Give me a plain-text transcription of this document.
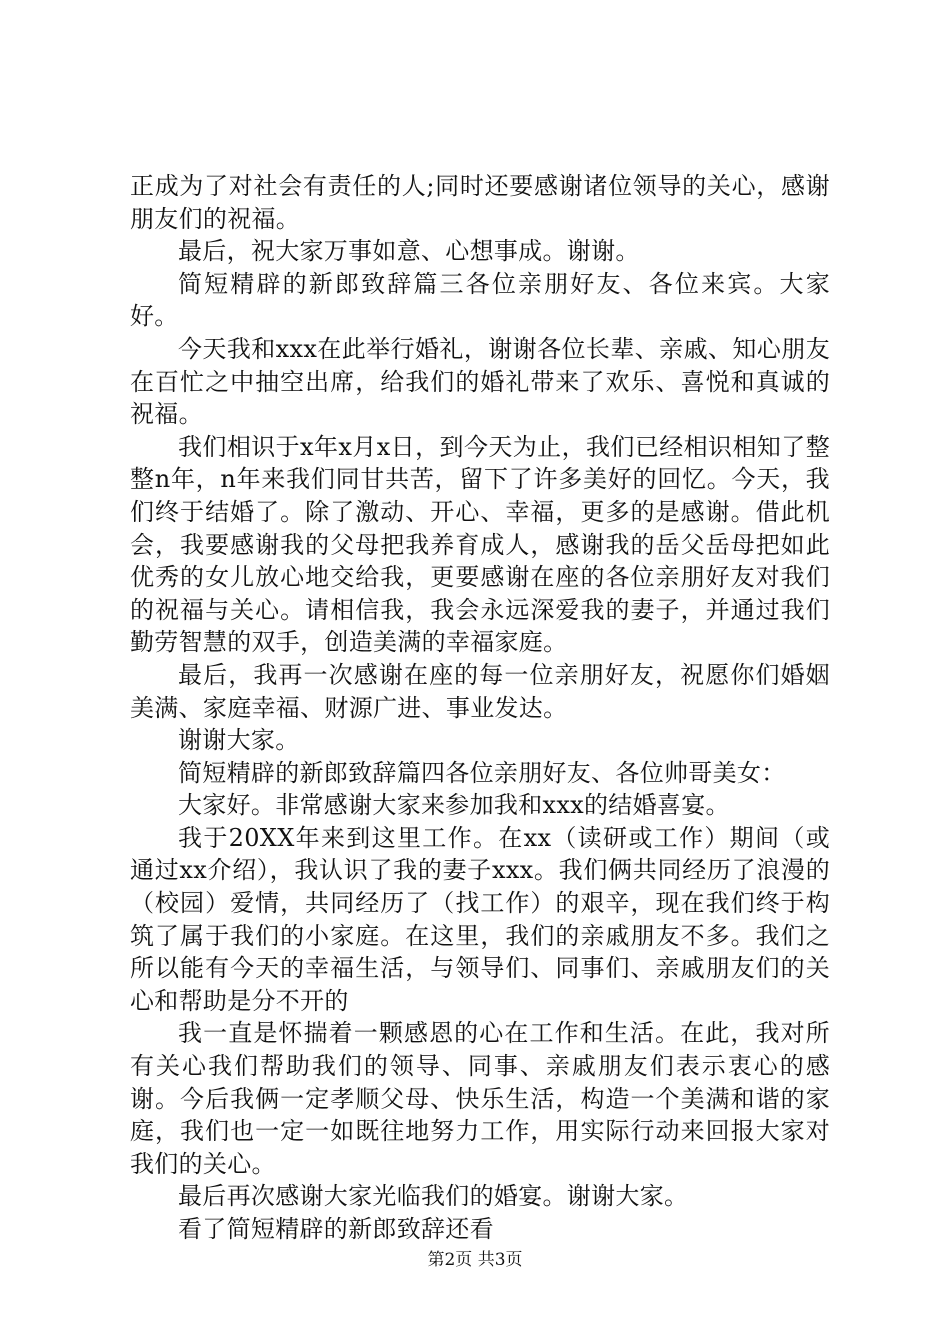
正成为了对社会有责任的人;同时还要感谢诸位领导的关心，感谢朋友们的祝福。

最后，祝大家万事如意、心想事成。谢谢。

简短精辟的新郎致辞篇三各位亲朋好友、各位来宾。大家好。

今天我和xxx在此举行婚礼，谢谢各位长辈、亲戚、知心朋友在百忙之中抽空出席，给我们的婚礼带来了欢乐、喜悦和真诚的祝福。

我们相识于x年x月x日，到今天为止，我们已经相识相知了整整n年，n年来我们同甘共苦，留下了许多美好的回忆。今天，我们终于结婚了。除了激动、开心、幸福，更多的是感谢。借此机会，我要感谢我的父母把我养育成人，感谢我的岳父岳母把如此优秀的女儿放心地交给我，更要感谢在座的各位亲朋好友对我们的祝福与关心。请相信我，我会永远深爱我的妻子，并通过我们勤劳智慧的双手，创造美满的幸福家庭。

最后，我再一次感谢在座的每一位亲朋好友，祝愿你们婚姻美满、家庭幸福、财源广进、事业发达。

谢谢大家。

简短精辟的新郎致辞篇四各位亲朋好友、各位帅哥美女：

大家好。非常感谢大家来参加我和xxx的结婚喜宴。

我于20XX年来到这里工作。在xx（读研或工作）期间（或通过xx介绍），我认识了我的妻子xxx。我们俩共同经历了浪漫的（校园）爱情，共同经历了（找工作）的艰辛，现在我们终于构筑了属于我们的小家庭。在这里，我们的亲戚朋友不多。我们之所以能有今天的幸福生活，与领导们、同事们、亲戚朋友们的关心和帮助是分不开的

我一直是怀揣着一颗感恩的心在工作和生活。在此，我对所有关心我们帮助我们的领导、同事、亲戚朋友们表示衷心的感谢。今后我俩一定孝顺父母、快乐生活，构造一个美满和谐的家庭，我们也一定一如既往地努力工作，用实际行动来回报大家对我们的关心。

最后再次感谢大家光临我们的婚宴。谢谢大家。

看了简短精辟的新郎致辞还看

第2页 共3页
